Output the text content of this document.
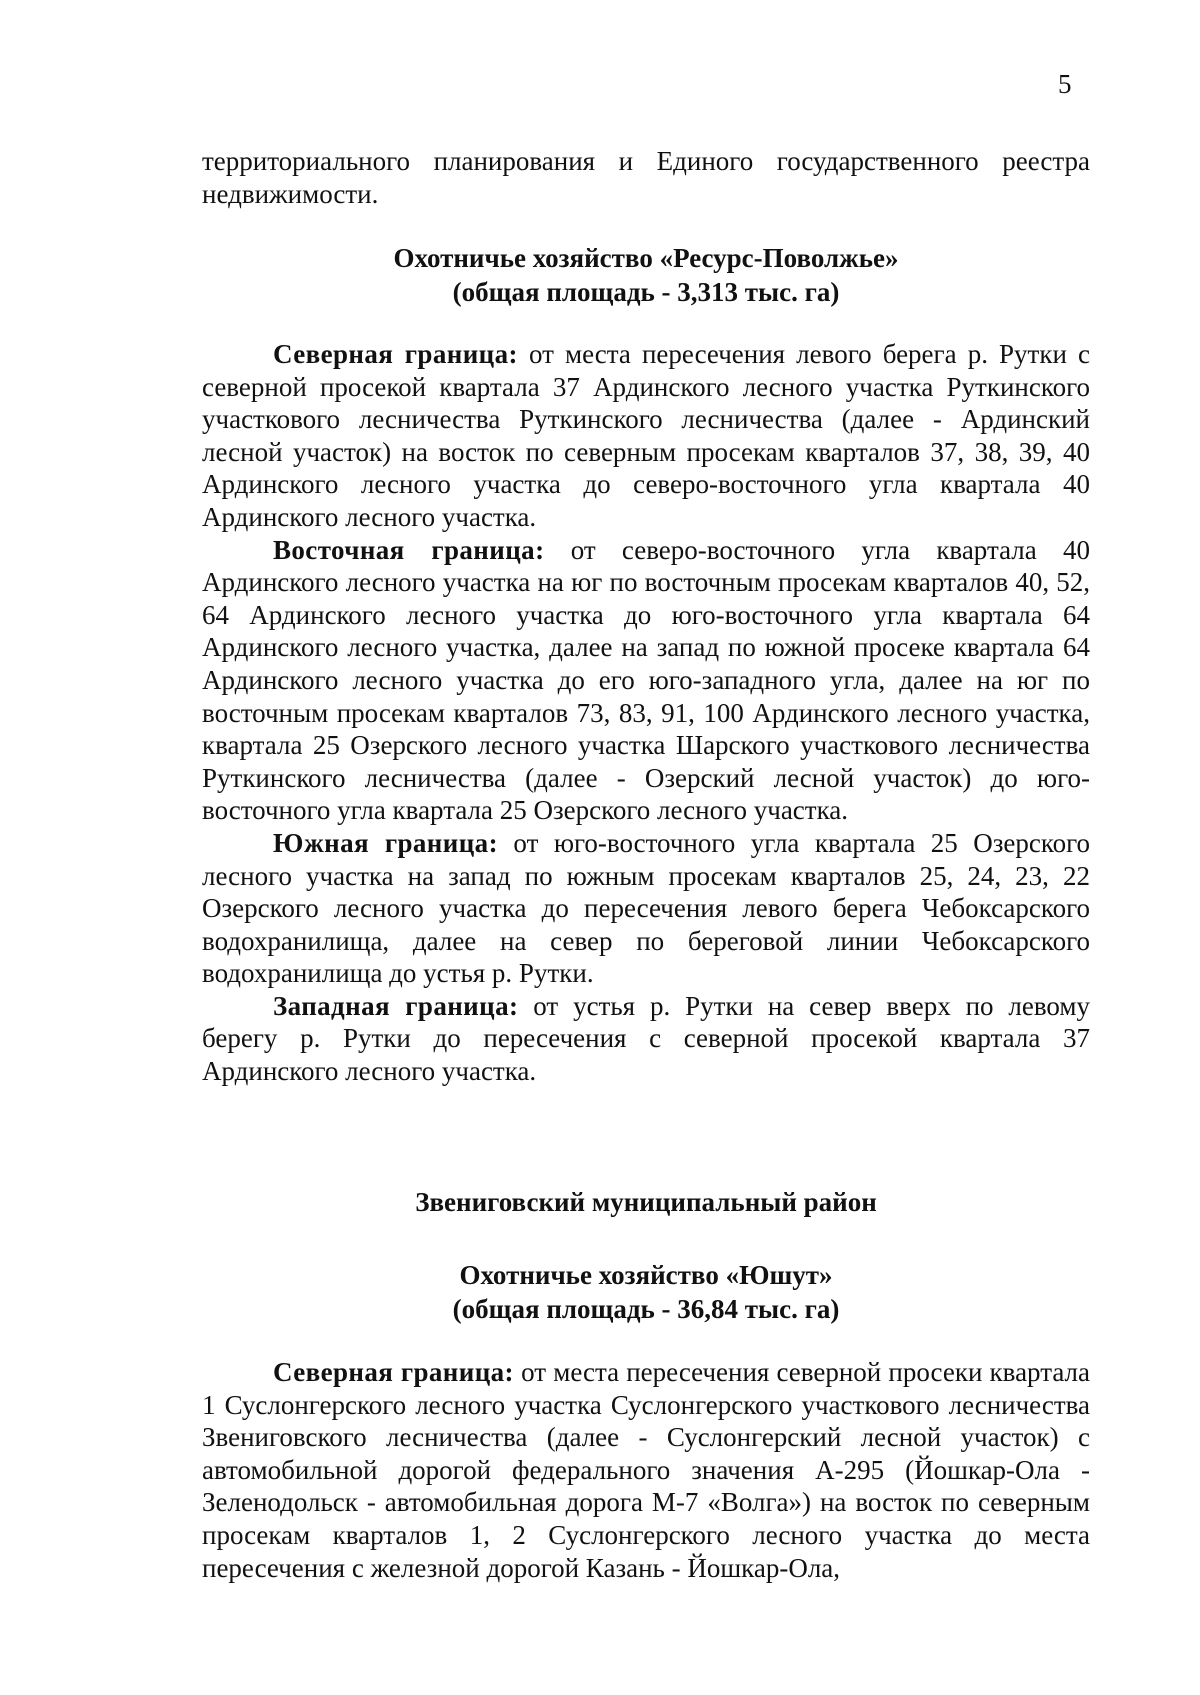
5

территориального планирования и Единого государственного реестра недвижимости.

Охотничье хозяйство «Ресурс-Поволжье»
(общая площадь - 3,313 тыс. га)

Северная граница: от места пересечения левого берега р. Рутки с северной просекой квартала 37 Ардинского лесного участка Руткинского участкового лесничества Руткинского лесничества (далее - Ардинский лесной участок) на восток по северным просекам кварталов 37, 38, 39, 40 Ардинского лесного участка до северо-восточного угла квартала 40 Ардинского лесного участка.

Восточная граница: от северо-восточного угла квартала 40 Ардинского лесного участка на юг по восточным просекам кварталов 40, 52, 64 Ардинского лесного участка до юго-восточного угла квартала 64 Ардинского лесного участка, далее на запад по южной просеке квартала 64 Ардинского лесного участка до его юго-западного угла, далее на юг по восточным просекам кварталов 73, 83, 91, 100 Ардинского лесного участка, квартала 25 Озерского лесного участка Шарского участкового лесничества Руткинского лесничества (далее - Озерский лесной участок) до юго-восточного угла квартала 25 Озерского лесного участка.

Южная граница: от юго-восточного угла квартала 25 Озерского лесного участка на запад по южным просекам кварталов 25, 24, 23, 22 Озерского лесного участка до пересечения левого берега Чебоксарского водохранилища, далее на север по береговой линии Чебоксарского водохранилища до устья р. Рутки.

Западная граница: от устья р. Рутки на север вверх по левому берегу р. Рутки до пересечения с северной просекой квартала 37 Ардинского лесного участка.

Звениговский муниципальный район
Охотничье хозяйство «Юшут»
(общая площадь - 36,84 тыс. га)

Северная граница: от места пересечения северной просеки квартала 1 Суслонгерского лесного участка Суслонгерского участкового лесничества Звениговского лесничества (далее - Суслонгерский лесной участок) с автомобильной дорогой федерального значения А-295 (Йошкар-Ола - Зеленодольск - автомобильная дорога М-7 «Волга») на восток по северным просекам кварталов 1, 2 Суслонгерского лесного участка до места пересечения с железной дорогой Казань - Йошкар-Ола,
